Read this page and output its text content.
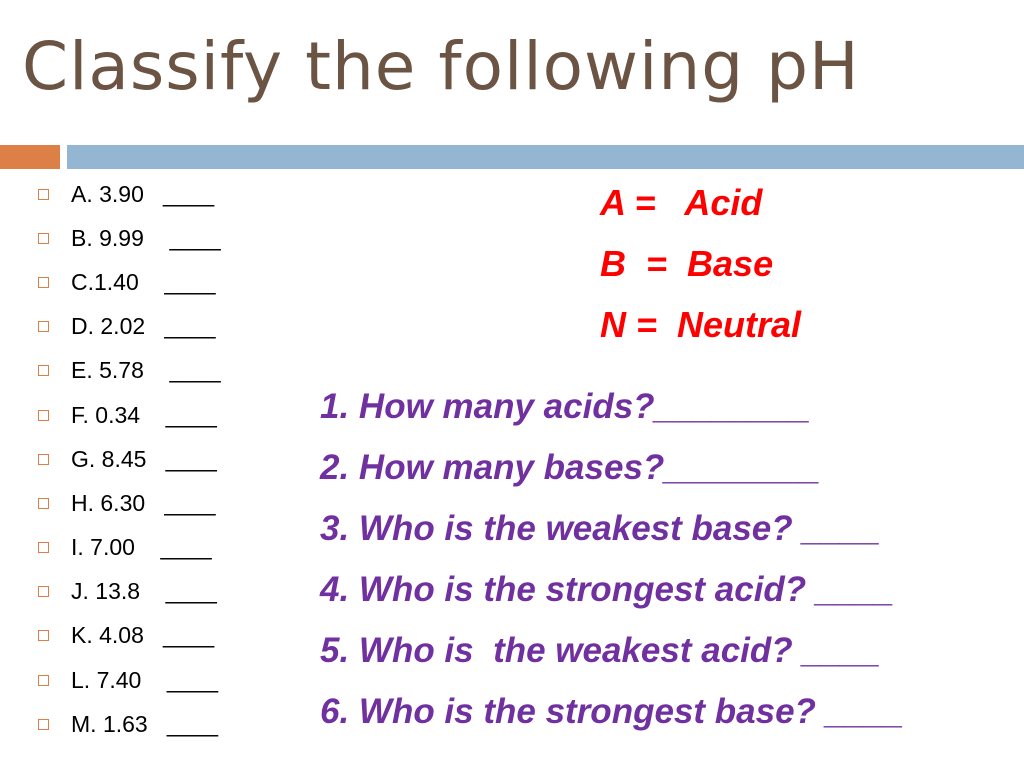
Classify the following pH
A. 3.90   ____
B. 9.99    ____
C.1.40    ____
D. 2.02   ____
E. 5.78    ____
F. 0.34    ____
G. 8.45   ____
H. 6.30   ____
I. 7.00    ____
J. 13.8    ____
K. 4.08   ____
L. 7.40    ____
M. 1.63   ____
A =   Acid
B  =  Base
N =  Neutral
1. How many acids?________
2. How many bases?________
3. Who is the weakest base? ____
4. Who is the strongest acid? ____
5. Who is  the weakest acid? ____
6. Who is the strongest base? ____
